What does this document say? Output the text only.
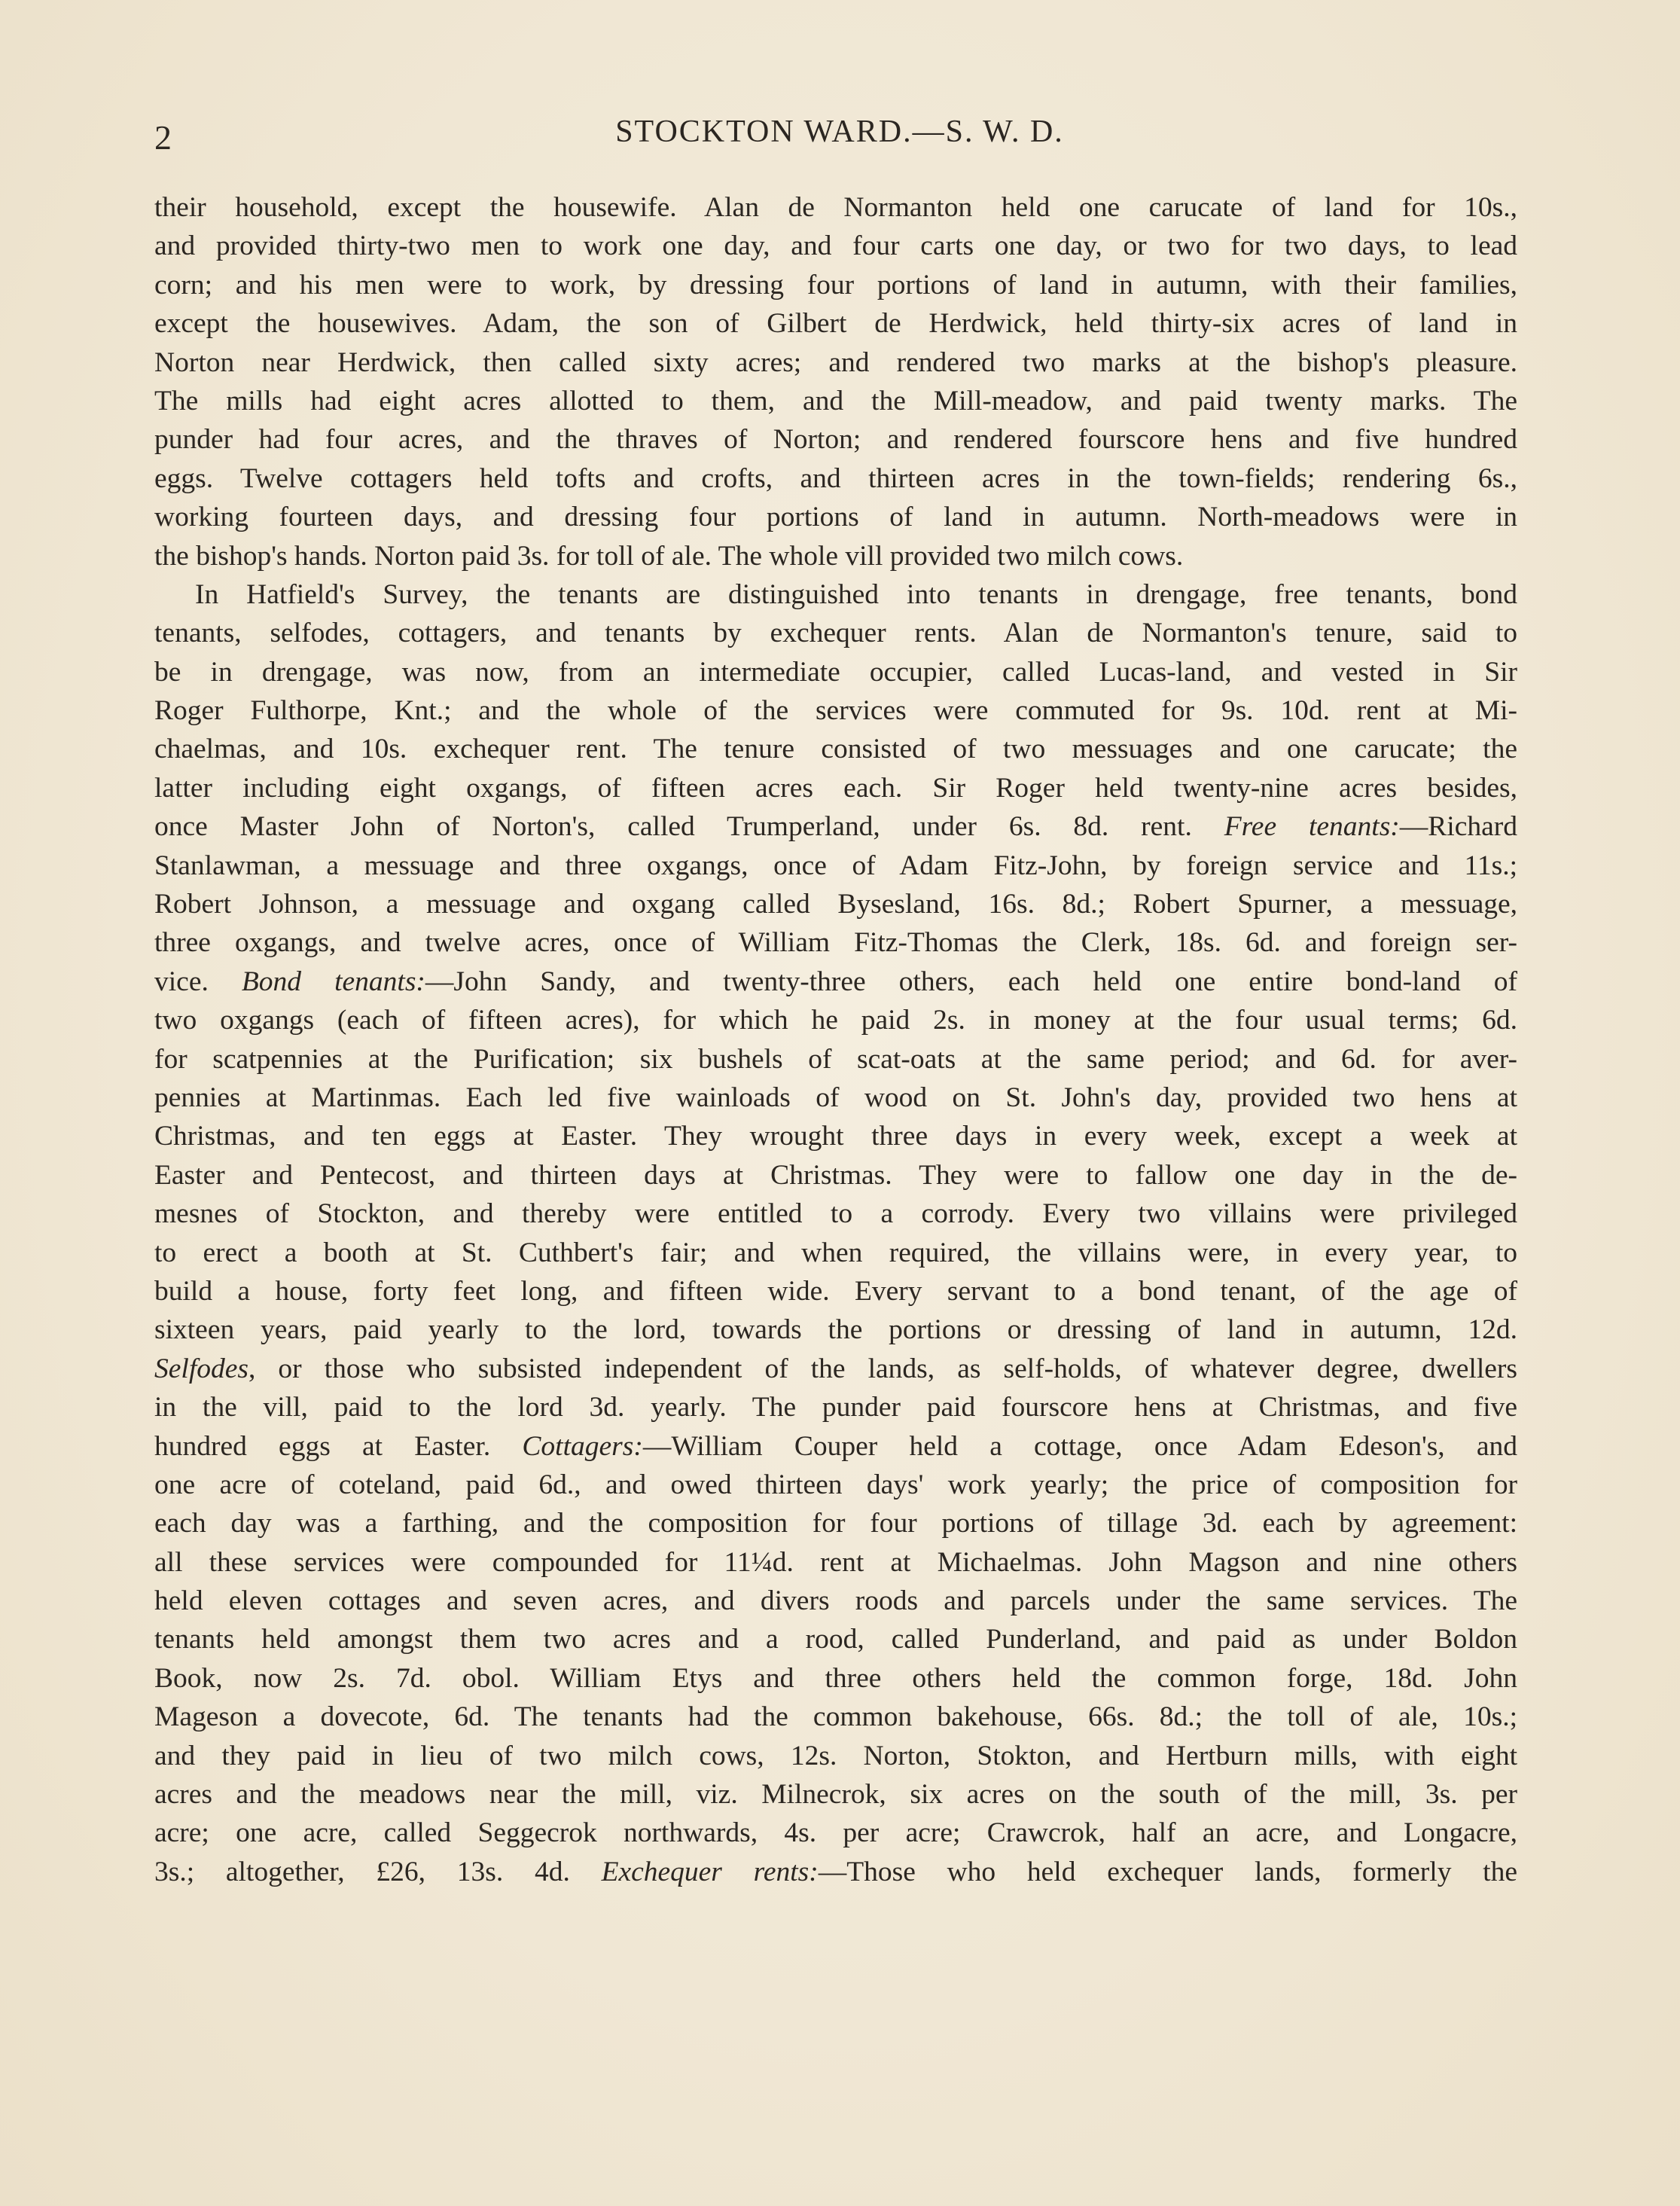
2	STOCKTON WARD.—S. W. D.

their household, except the housewife. Alan de Normanton held one carucate of land for 10s.,
and provided thirty-two men to work one day, and four carts one day, or two for two days, to lead
corn; and his men were to work, by dressing four portions of land in autumn, with their families,
except the housewives. Adam, the son of Gilbert de Herdwick, held thirty-six acres of land in
Norton near Herdwick, then called sixty acres; and rendered two marks at the bishop's pleasure.
The mills had eight acres allotted to them, and the Mill-meadow, and paid twenty marks. The
punder had four acres, and the thraves of Norton; and rendered fourscore hens and five hundred
eggs. Twelve cottagers held tofts and crofts, and thirteen acres in the town-fields; rendering 6s.,
working fourteen days, and dressing four portions of land in autumn. North-meadows were in
the bishop's hands. Norton paid 3s. for toll of ale. The whole vill provided two milch cows.

In Hatfield's Survey, the tenants are distinguished into tenants in drengage, free tenants, bond
tenants, selfodes, cottagers, and tenants by exchequer rents. Alan de Normanton's tenure, said to
be in drengage, was now, from an intermediate occupier, called Lucas-land, and vested in Sir
Roger Fulthorpe, Knt.; and the whole of the services were commuted for 9s. 10d. rent at Mi-
chaelmas, and 10s. exchequer rent. The tenure consisted of two messuages and one carucate; the
latter including eight oxgangs, of fifteen acres each. Sir Roger held twenty-nine acres besides,
once Master John of Norton's, called Trumperland, under 6s. 8d. rent. Free tenants:—Richard
Stanlawman, a messuage and three oxgangs, once of Adam Fitz-John, by foreign service and 11s.;
Robert Johnson, a messuage and oxgang called Bysesland, 16s. 8d.; Robert Spurner, a messuage,
three oxgangs, and twelve acres, once of William Fitz-Thomas the Clerk, 18s. 6d. and foreign ser-
vice. Bond tenants:—John Sandy, and twenty-three others, each held one entire bond-land of
two oxgangs (each of fifteen acres), for which he paid 2s. in money at the four usual terms; 6d.
for scatpennies at the Purification; six bushels of scat-oats at the same period; and 6d. for aver-
pennies at Martinmas. Each led five wainloads of wood on St. John's day, provided two hens at
Christmas, and ten eggs at Easter. They wrought three days in every week, except a week at
Easter and Pentecost, and thirteen days at Christmas. They were to fallow one day in the de-
mesnes of Stockton, and thereby were entitled to a corrody. Every two villains were privileged
to erect a booth at St. Cuthbert's fair; and when required, the villains were, in every year, to
build a house, forty feet long, and fifteen wide. Every servant to a bond tenant, of the age of
sixteen years, paid yearly to the lord, towards the portions or dressing of land in autumn, 12d.
Selfodes, or those who subsisted independent of the lands, as self-holds, of whatever degree, dwellers
in the vill, paid to the lord 3d. yearly. The punder paid fourscore hens at Christmas, and five
hundred eggs at Easter. Cottagers:—William Couper held a cottage, once Adam Edeson's, and
one acre of coteland, paid 6d., and owed thirteen days' work yearly; the price of composition for
each day was a farthing, and the composition for four portions of tillage 3d. each by agreement:
all these services were compounded for 11¼d. rent at Michaelmas. John Magson and nine others
held eleven cottages and seven acres, and divers roods and parcels under the same services. The
tenants held amongst them two acres and a rood, called Punderland, and paid as under Boldon
Book, now 2s. 7d. obol. William Etys and three others held the common forge, 18d. John
Mageson a dovecote, 6d. The tenants had the common bakehouse, 66s. 8d.; the toll of ale, 10s.;
and they paid in lieu of two milch cows, 12s. Norton, Stokton, and Hertburn mills, with eight
acres and the meadows near the mill, viz. Milnecrok, six acres on the south of the mill, 3s. per
acre; one acre, called Seggecrok northwards, 4s. per acre; Crawcrok, half an acre, and Longacre,
3s.; altogether, £26, 13s. 4d. Exchequer rents:—Those who held exchequer lands, formerly the
